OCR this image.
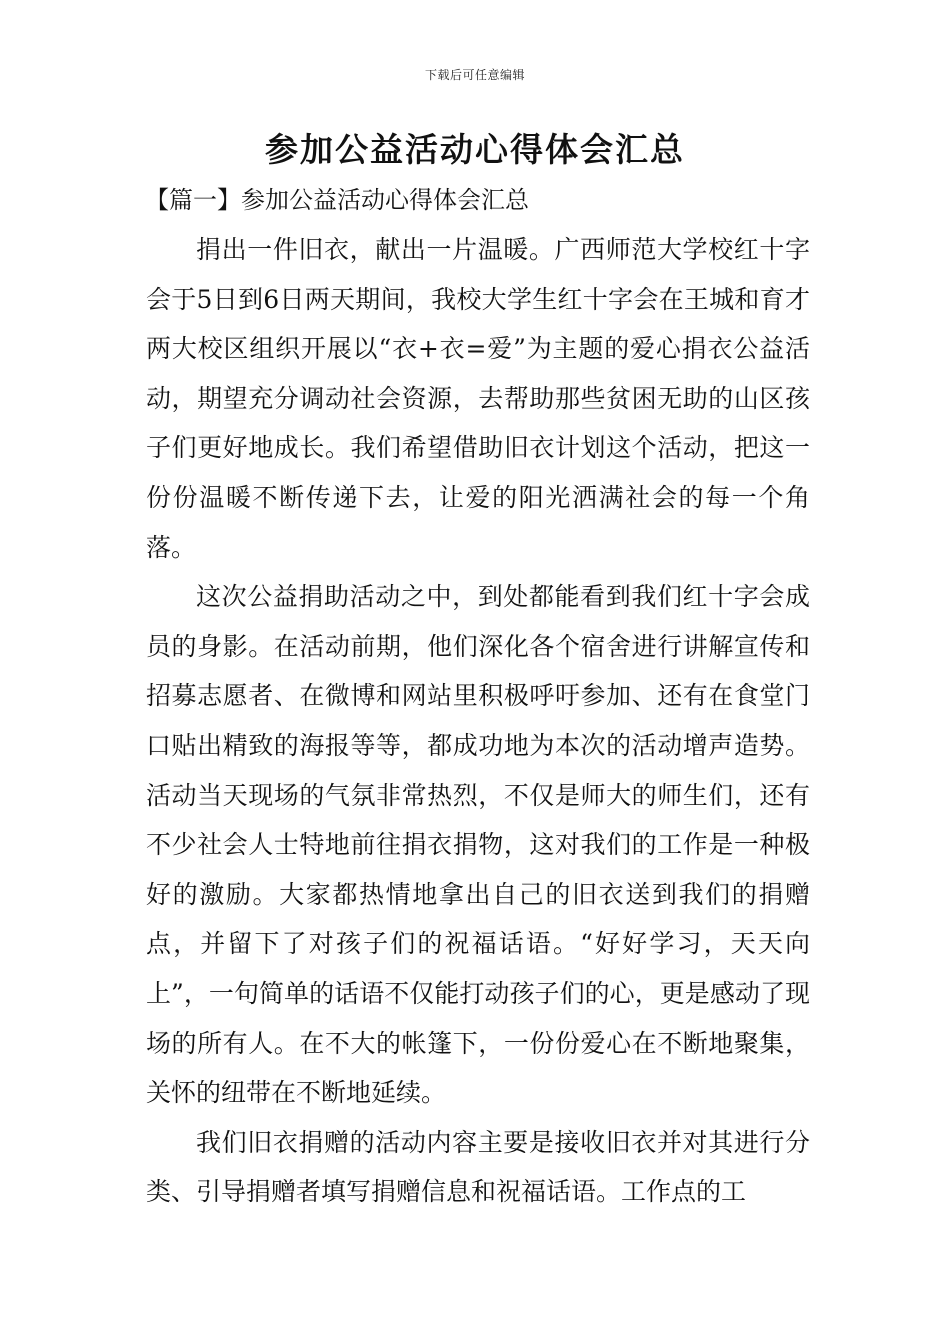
下载后可任意编辑
参加公益活动心得体会汇总
【篇一】参加公益活动心得体会汇总

捐出一件旧衣，献出一片温暖。广西师范大学校红十字会于5日到6日两天期间，我校大学生红十字会在王城和育才两大校区组织开展以“衣+衣=爱”为主题的爱心捐衣公益活动，期望充分调动社会资源，去帮助那些贫困无助的山区孩子们更好地成长。我们希望借助旧衣计划这个活动，把这一份份温暖不断传递下去，让爱的阳光洒满社会的每一个角落。

这次公益捐助活动之中，到处都能看到我们红十字会成员的身影。在活动前期，他们深化各个宿舍进行讲解宣传和招募志愿者、在微博和网站里积极呼吁参加、还有在食堂门口贴出精致的海报等等，都成功地为本次的活动增声造势。活动当天现场的气氛非常热烈，不仅是师大的师生们，还有不少社会人士特地前往捐衣捐物，这对我们的工作是一种极好的激励。大家都热情地拿出自己的旧衣送到我们的捐赠点，并留下了对孩子们的祝福话语。“好好学习，天天向上”，一句简单的话语不仅能打动孩子们的心，更是感动了现场的所有人。在不大的帐篷下，一份份爱心在不断地聚集，关怀的纽带在不断地延续。

我们旧衣捐赠的活动内容主要是接收旧衣并对其进行分类、引导捐赠者填写捐赠信息和祝福话语。工作点的工
